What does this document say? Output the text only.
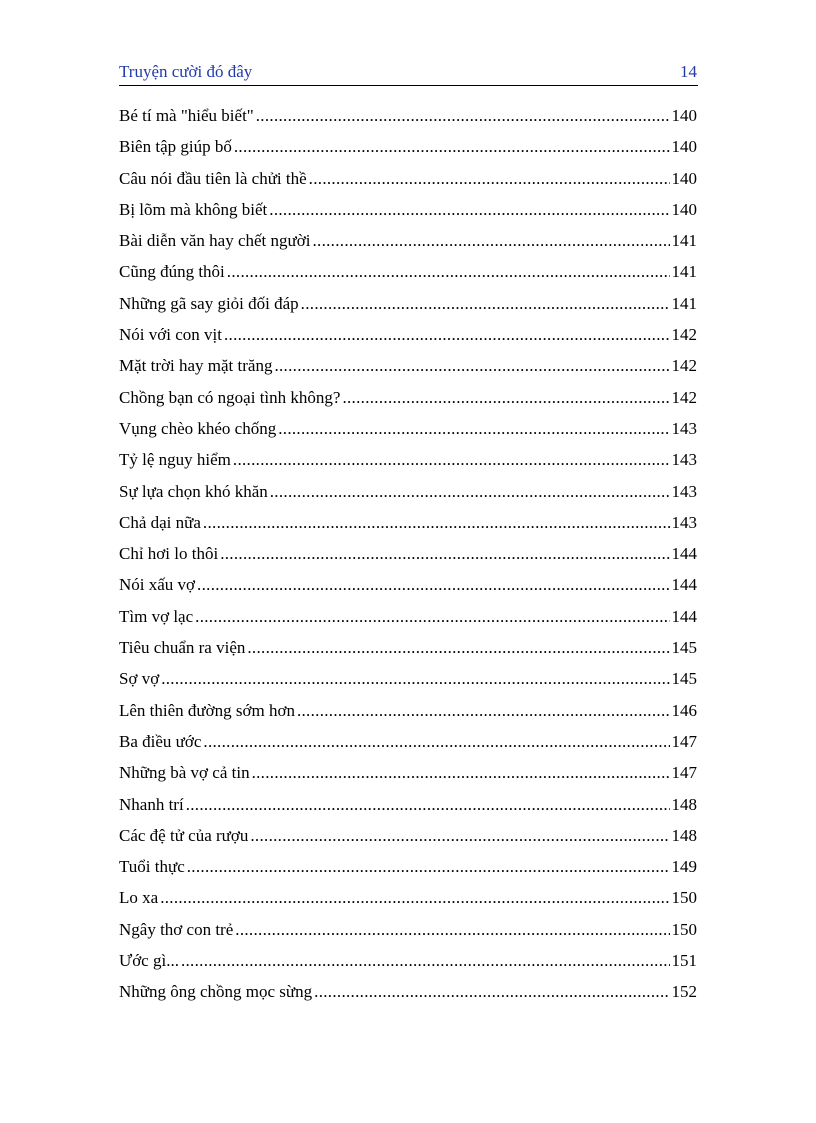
Truyện cười đó đây	14
Bé tí mà "hiểu biết" .....	140
Biên tập giúp bố .....	140
Câu nói đầu tiên là chửi thề .....	140
Bị lõm mà không biết .....	140
Bài diễn văn hay chết người .....	141
Cũng đúng thôi .....	141
Những gã say giỏi đối đáp .....	141
Nói với con vịt .....	142
Mặt trời hay mặt trăng .....	142
Chồng bạn có ngoại tình không? .....	142
Vụng chèo khéo chống .....	143
Tỷ lệ nguy hiểm .....	143
Sự lựa chọn khó khăn .....	143
Chả dại nữa .....	143
Chỉ hơi lo thôi .....	144
Nói xấu vợ .....	144
Tìm vợ lạc .....	144
Tiêu chuẩn ra viện .....	145
Sợ vợ .....	145
Lên thiên đường sớm hơn .....	146
Ba điều ước .....	147
Những bà vợ cả tin .....	147
Nhanh trí .....	148
Các đệ tử của rượu .....	148
Tuổi thực .....	149
Lo xa .....	150
Ngây thơ con trẻ .....	150
Ước gì... .....	151
Những ông chồng mọc sừng .....	152
